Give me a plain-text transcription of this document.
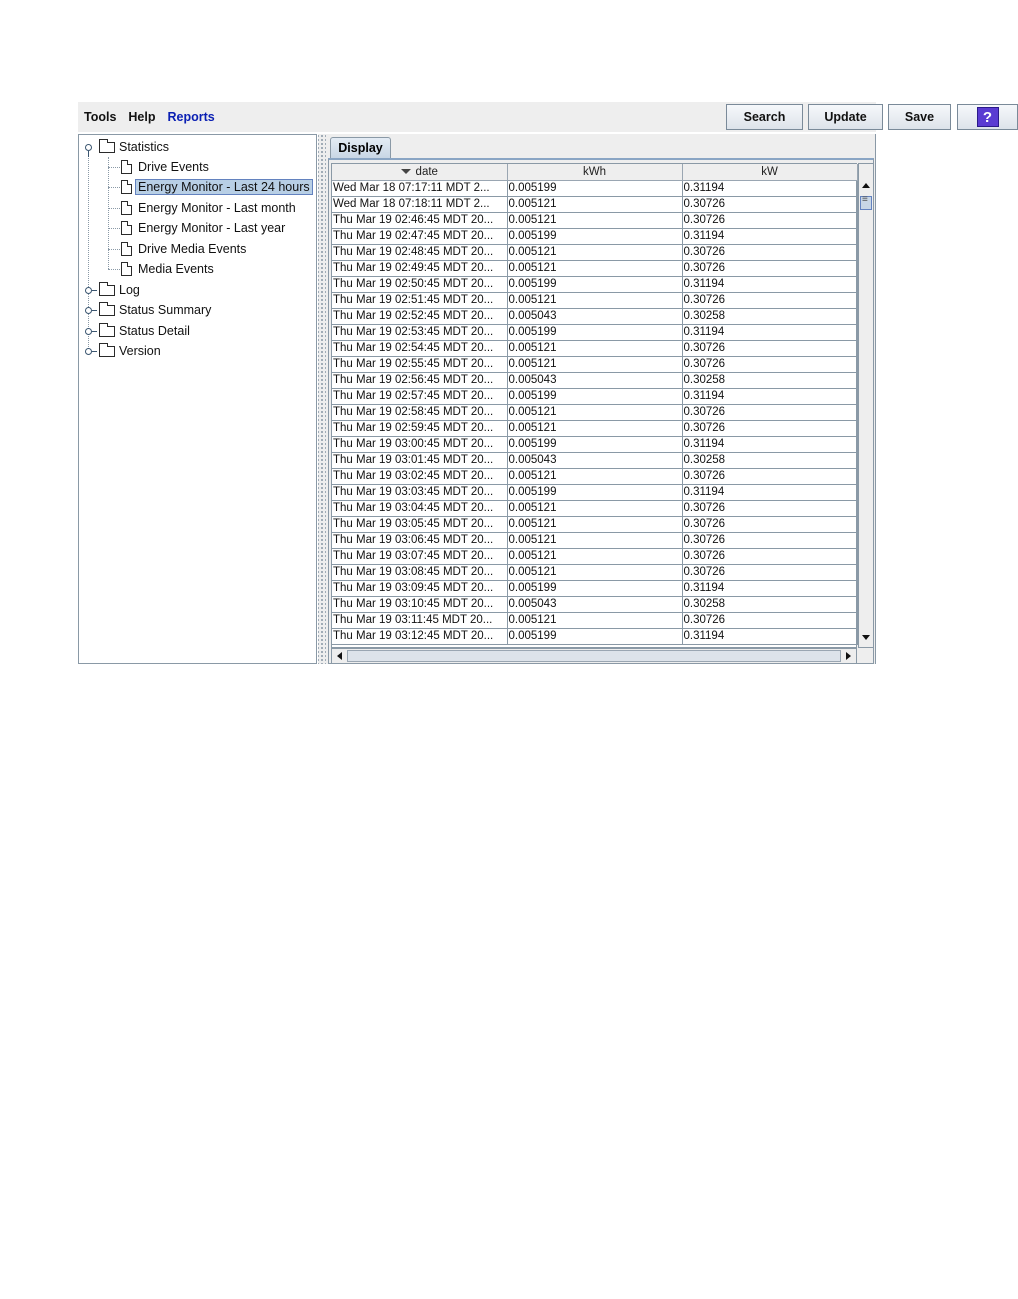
Tools Help Reports	Search	Update	Save	?
Statistics
Drive Events
Energy Monitor - Last 24 hours
Energy Monitor - Last month
Energy Monitor - Last year
Drive Media Events
Media Events
Log
Status Summary
Status Detail
Version
Display
date	kWh	kW
Wed Mar 18 07:17:11 MDT 2...	0.005199	0.31194
Wed Mar 18 07:18:11 MDT 2...	0.005121	0.30726
Thu Mar 19 02:46:45 MDT 20...	0.005121	0.30726
Thu Mar 19 02:47:45 MDT 20...	0.005199	0.31194
Thu Mar 19 02:48:45 MDT 20...	0.005121	0.30726
Thu Mar 19 02:49:45 MDT 20...	0.005121	0.30726
Thu Mar 19 02:50:45 MDT 20...	0.005199	0.31194
Thu Mar 19 02:51:45 MDT 20...	0.005121	0.30726
Thu Mar 19 02:52:45 MDT 20...	0.005043	0.30258
Thu Mar 19 02:53:45 MDT 20...	0.005199	0.31194
Thu Mar 19 02:54:45 MDT 20...	0.005121	0.30726
Thu Mar 19 02:55:45 MDT 20...	0.005121	0.30726
Thu Mar 19 02:56:45 MDT 20...	0.005043	0.30258
Thu Mar 19 02:57:45 MDT 20...	0.005199	0.31194
Thu Mar 19 02:58:45 MDT 20...	0.005121	0.30726
Thu Mar 19 02:59:45 MDT 20...	0.005121	0.30726
Thu Mar 19 03:00:45 MDT 20...	0.005199	0.31194
Thu Mar 19 03:01:45 MDT 20...	0.005043	0.30258
Thu Mar 19 03:02:45 MDT 20...	0.005121	0.30726
Thu Mar 19 03:03:45 MDT 20...	0.005199	0.31194
Thu Mar 19 03:04:45 MDT 20...	0.005121	0.30726
Thu Mar 19 03:05:45 MDT 20...	0.005121	0.30726
Thu Mar 19 03:06:45 MDT 20...	0.005121	0.30726
Thu Mar 19 03:07:45 MDT 20...	0.005121	0.30726
Thu Mar 19 03:08:45 MDT 20...	0.005121	0.30726
Thu Mar 19 03:09:45 MDT 20...	0.005199	0.31194
Thu Mar 19 03:10:45 MDT 20...	0.005043	0.30258
Thu Mar 19 03:11:45 MDT 20...	0.005121	0.30726
Thu Mar 19 03:12:45 MDT 20...	0.005199	0.31194
≡
